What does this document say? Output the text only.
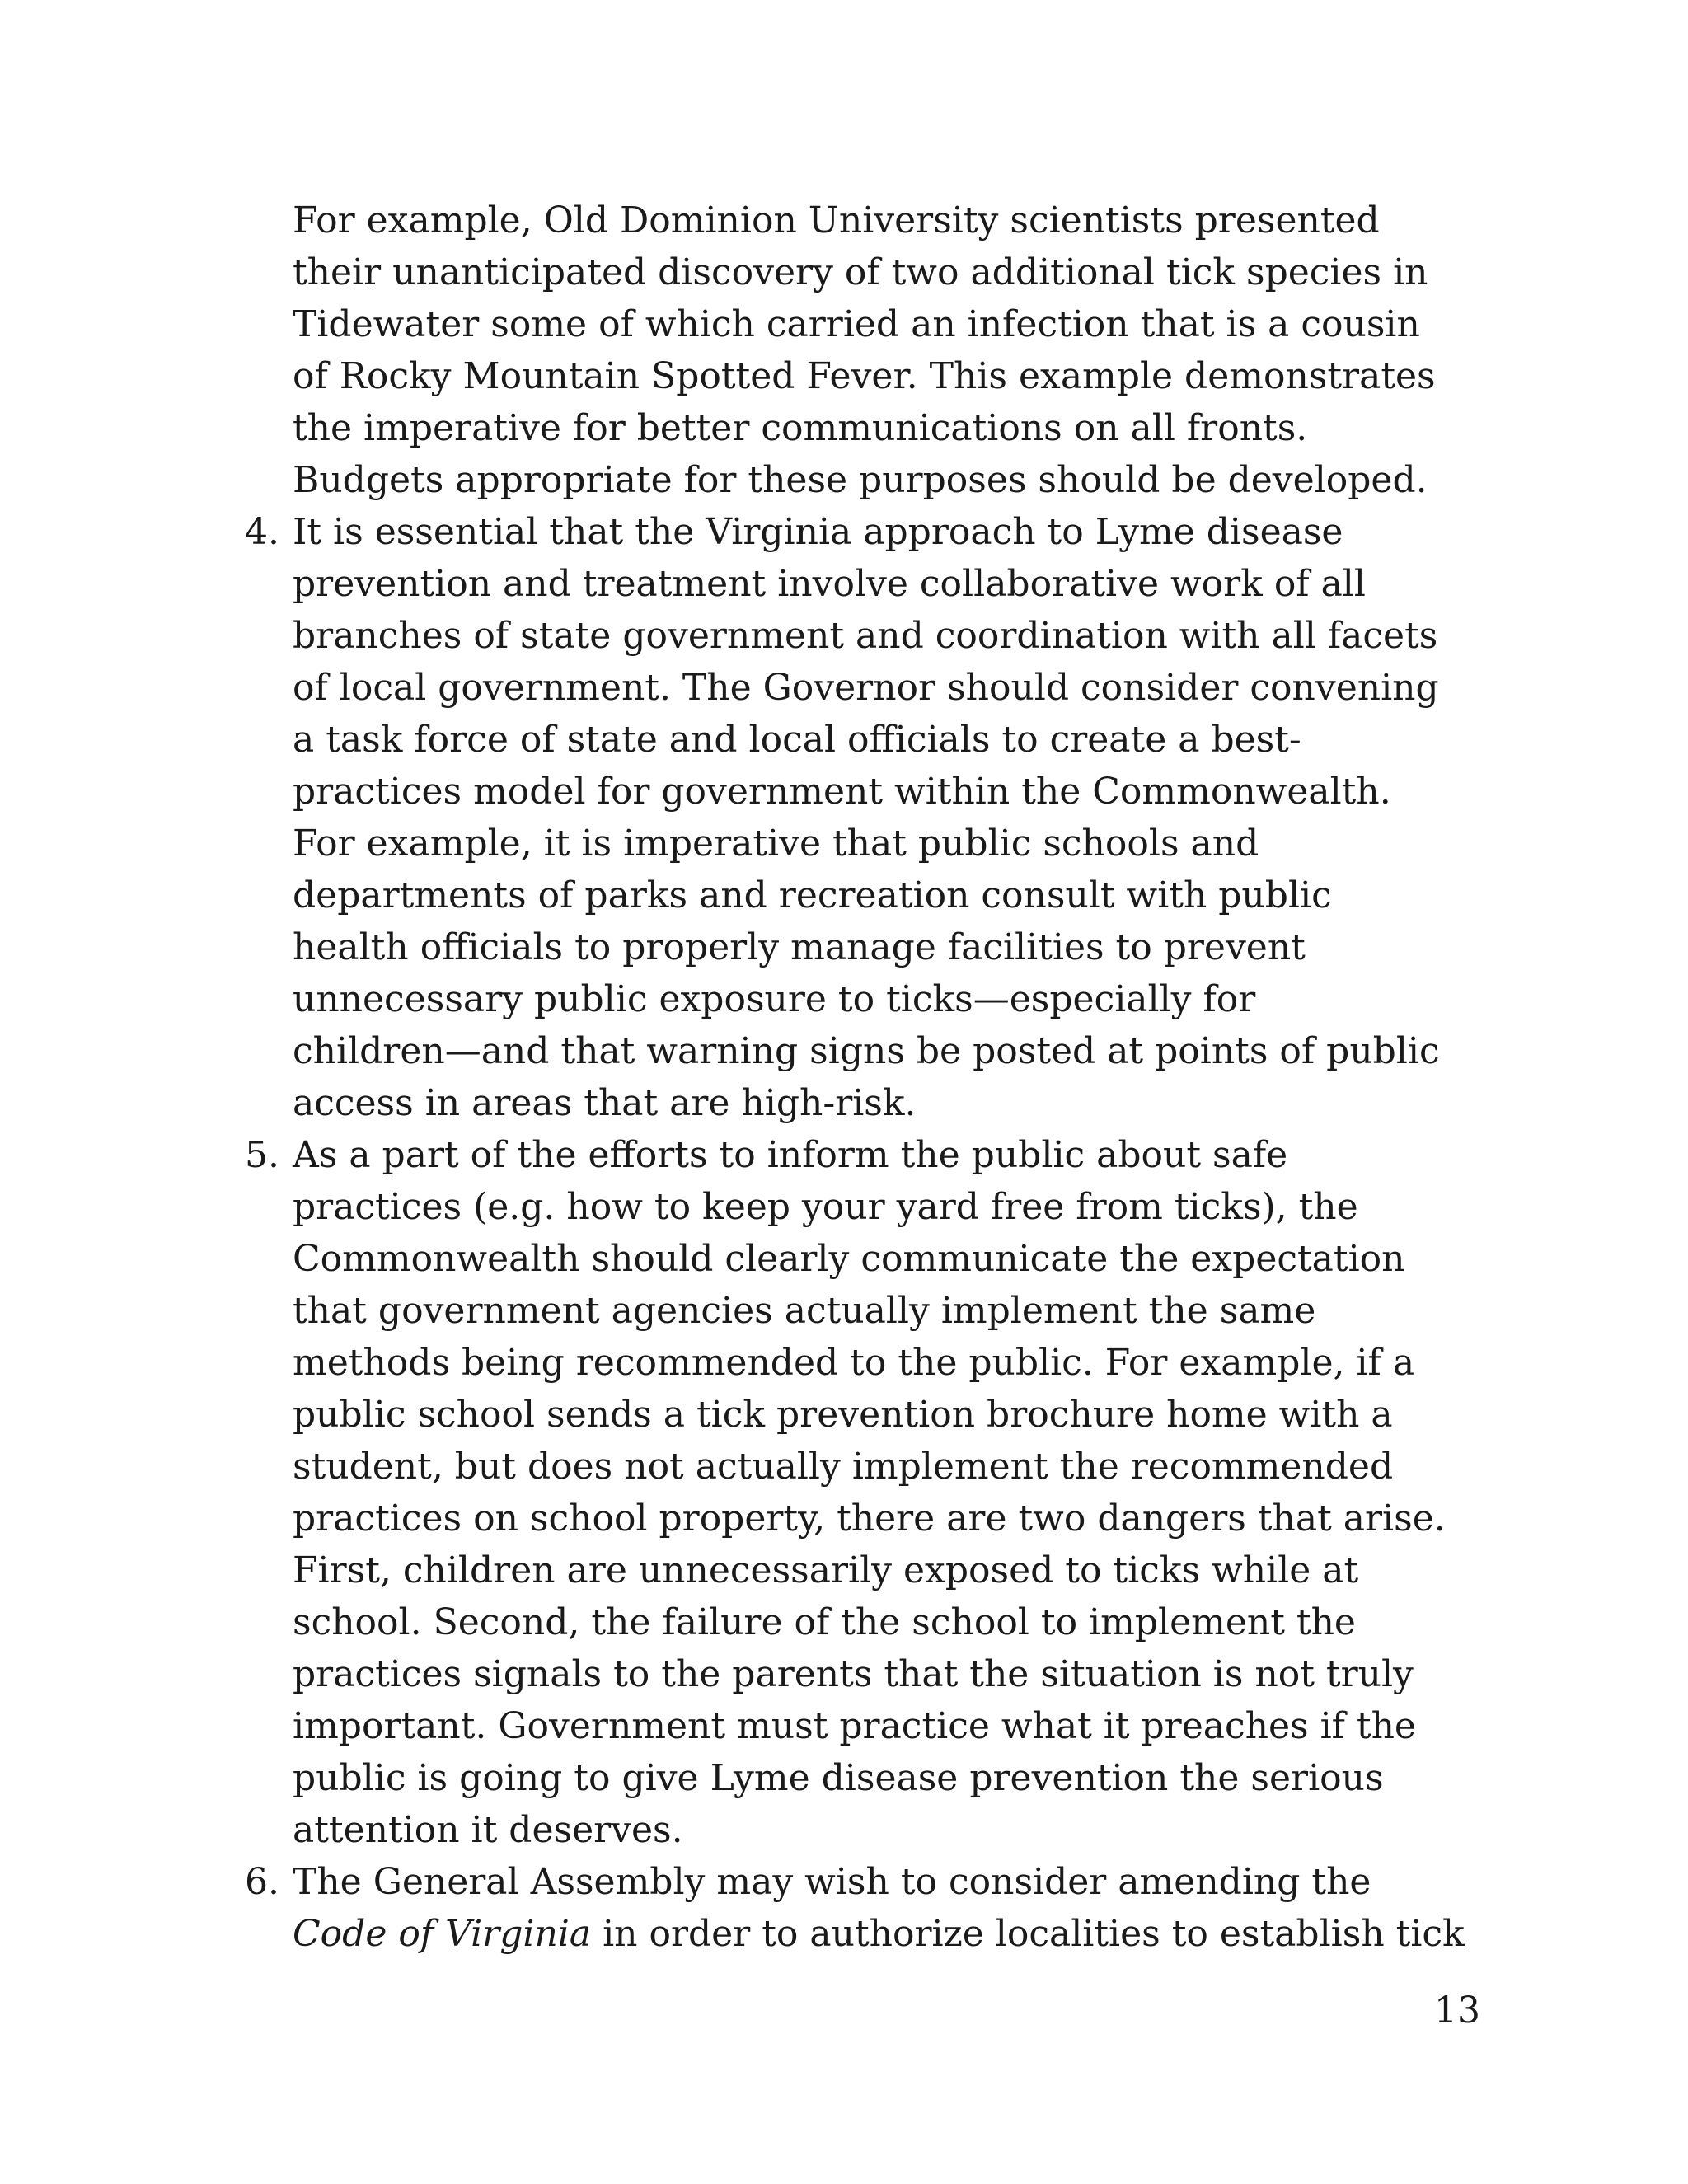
For example, Old Dominion University scientists presented
their unanticipated discovery of two additional tick species in
Tidewater some of which carried an infection that is a cousin
of Rocky Mountain Spotted Fever. This example demonstrates
the imperative for better communications on all fronts.
Budgets appropriate for these purposes should be developed.
4. It is essential that the Virginia approach to Lyme disease
prevention and treatment involve collaborative work of all
branches of state government and coordination with all facets
of local government. The Governor should consider convening
a task force of state and local officials to create a best-
practices model for government within the Commonwealth.
For example, it is imperative that public schools and
departments of parks and recreation consult with public
health officials to properly manage facilities to prevent
unnecessary public exposure to ticks—especially for
children—and that warning signs be posted at points of public
access in areas that are high-risk.
5. As a part of the efforts to inform the public about safe
practices (e.g. how to keep your yard free from ticks), the
Commonwealth should clearly communicate the expectation
that government agencies actually implement the same
methods being recommended to the public. For example, if a
public school sends a tick prevention brochure home with a
student, but does not actually implement the recommended
practices on school property, there are two dangers that arise.
First, children are unnecessarily exposed to ticks while at
school. Second, the failure of the school to implement the
practices signals to the parents that the situation is not truly
important. Government must practice what it preaches if the
public is going to give Lyme disease prevention the serious
attention it deserves.
6. The General Assembly may wish to consider amending the
Code of Virginia in order to authorize localities to establish tick
13
